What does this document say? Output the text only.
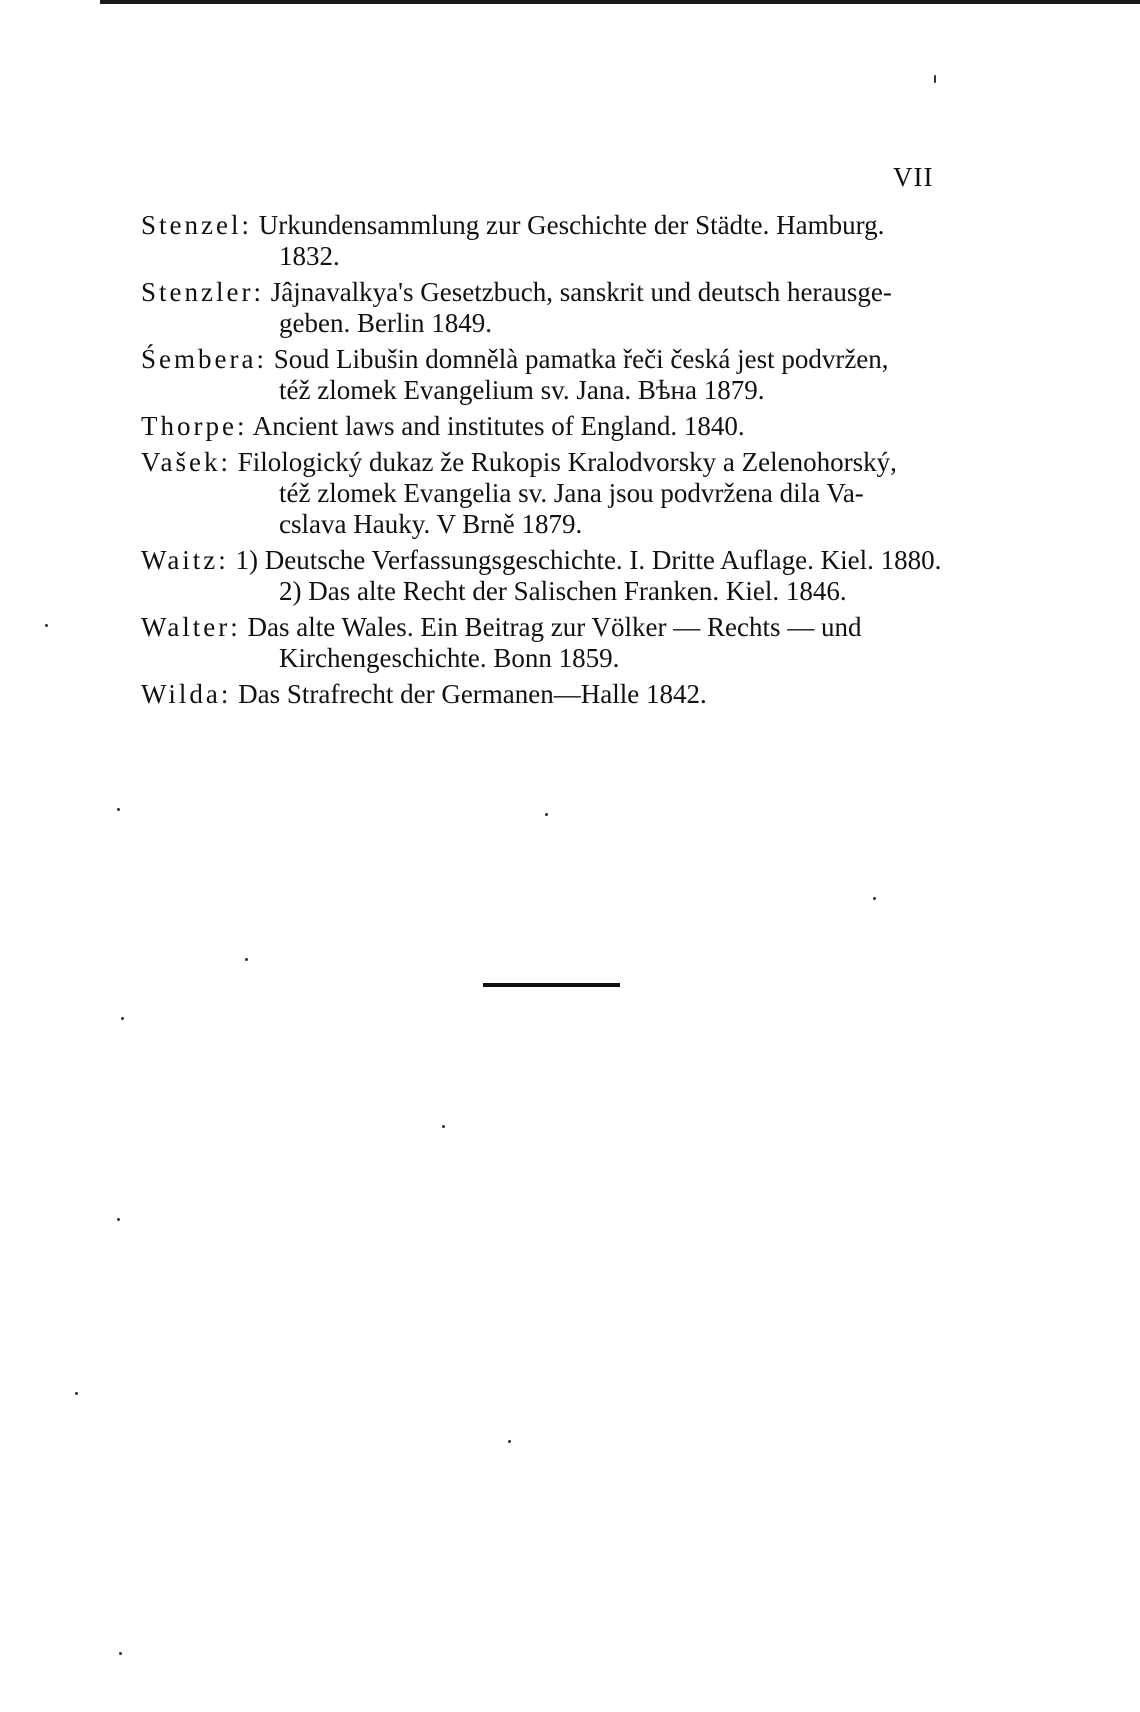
VII
Stenzel: Urkundensammlung zur Geschichte der Städte. Hamburg.
1832.
Stenzler: Jâjnavalkya's Gesetzbuch, sanskrit und deutsch herausge-
geben. Berlin 1849.
Śembera: Soud Libušin domnělà pamatka řeči česká jest podvržen,
též zlomek Evangelium sv. Jana. Bѣна 1879.
Thorpe: Ancient laws and institutes of England. 1840.
Vašek: Filologický dukaz že Rukopis Kralodvorsky a Zelenohorský,
též zlomek Evangelia sv. Jana jsou podvržena dila Va-
cslava Hauky. V Brně 1879.
Waitz: 1) Deutsche Verfassungsgeschichte. I. Dritte Auflage. Kiel. 1880.
2) Das alte Recht der Salischen Franken. Kiel. 1846.
Walter: Das alte Wales. Ein Beitrag zur Völker — Rechts — und
Kirchengeschichte. Bonn 1859.
Wilda: Das Strafrecht der Germanen—Halle 1842.
